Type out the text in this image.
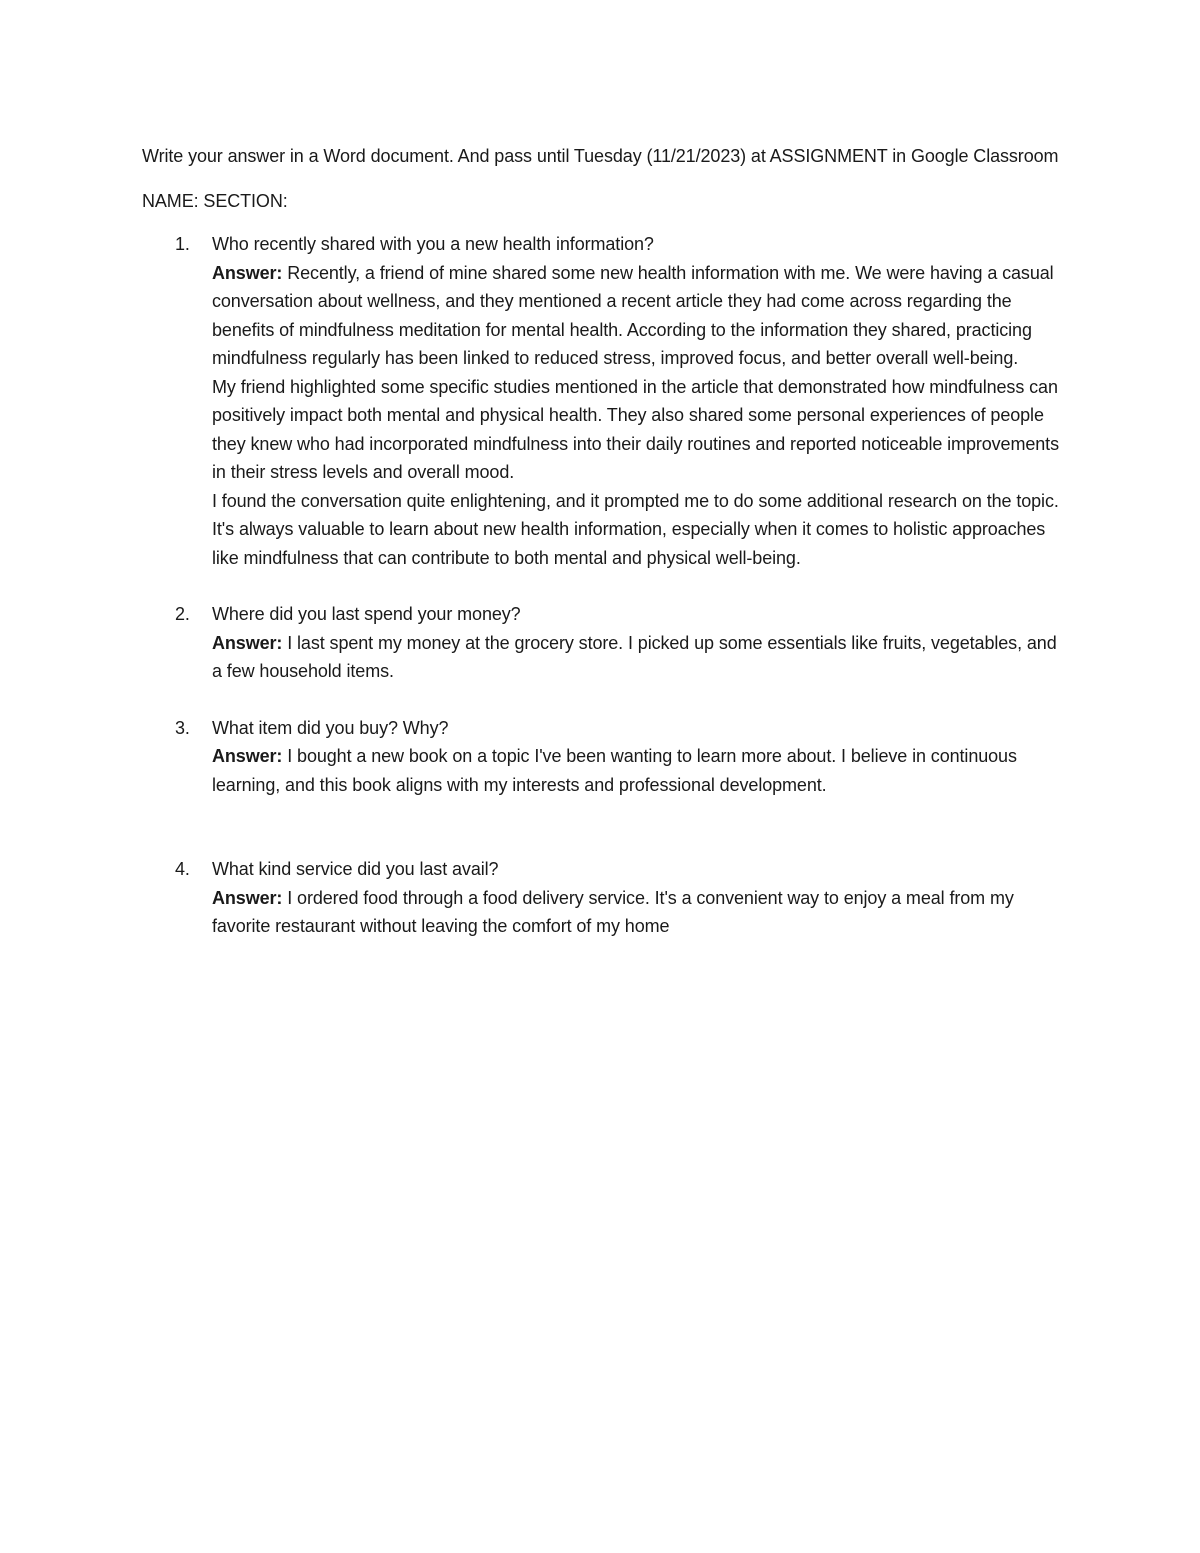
Write your answer in a Word document. And pass until Tuesday (11/21/2023) at ASSIGNMENT in Google Classroom

NAME: SECTION:

1. Who recently shared with you a new health information?

Answer: Recently, a friend of mine shared some new health information with me. We were having a casual conversation about wellness, and they mentioned a recent article they had come across regarding the benefits of mindfulness meditation for mental health. According to the information they shared, practicing mindfulness regularly has been linked to reduced stress, improved focus, and better overall well-being.

My friend highlighted some specific studies mentioned in the article that demonstrated how mindfulness can positively impact both mental and physical health. They also shared some personal experiences of people they knew who had incorporated mindfulness into their daily routines and reported noticeable improvements in their stress levels and overall mood.

I found the conversation quite enlightening, and it prompted me to do some additional research on the topic. It's always valuable to learn about new health information, especially when it comes to holistic approaches like mindfulness that can contribute to both mental and physical well-being.

2. Where did you last spend your money?

Answer: I last spent my money at the grocery store. I picked up some essentials like fruits, vegetables, and a few household items.

3. What item did you buy? Why?

Answer: I bought a new book on a topic I've been wanting to learn more about. I believe in continuous learning, and this book aligns with my interests and professional development.

4. What kind service did you last avail?

Answer: I ordered food through a food delivery service. It's a convenient way to enjoy a meal from my favorite restaurant without leaving the comfort of my home
